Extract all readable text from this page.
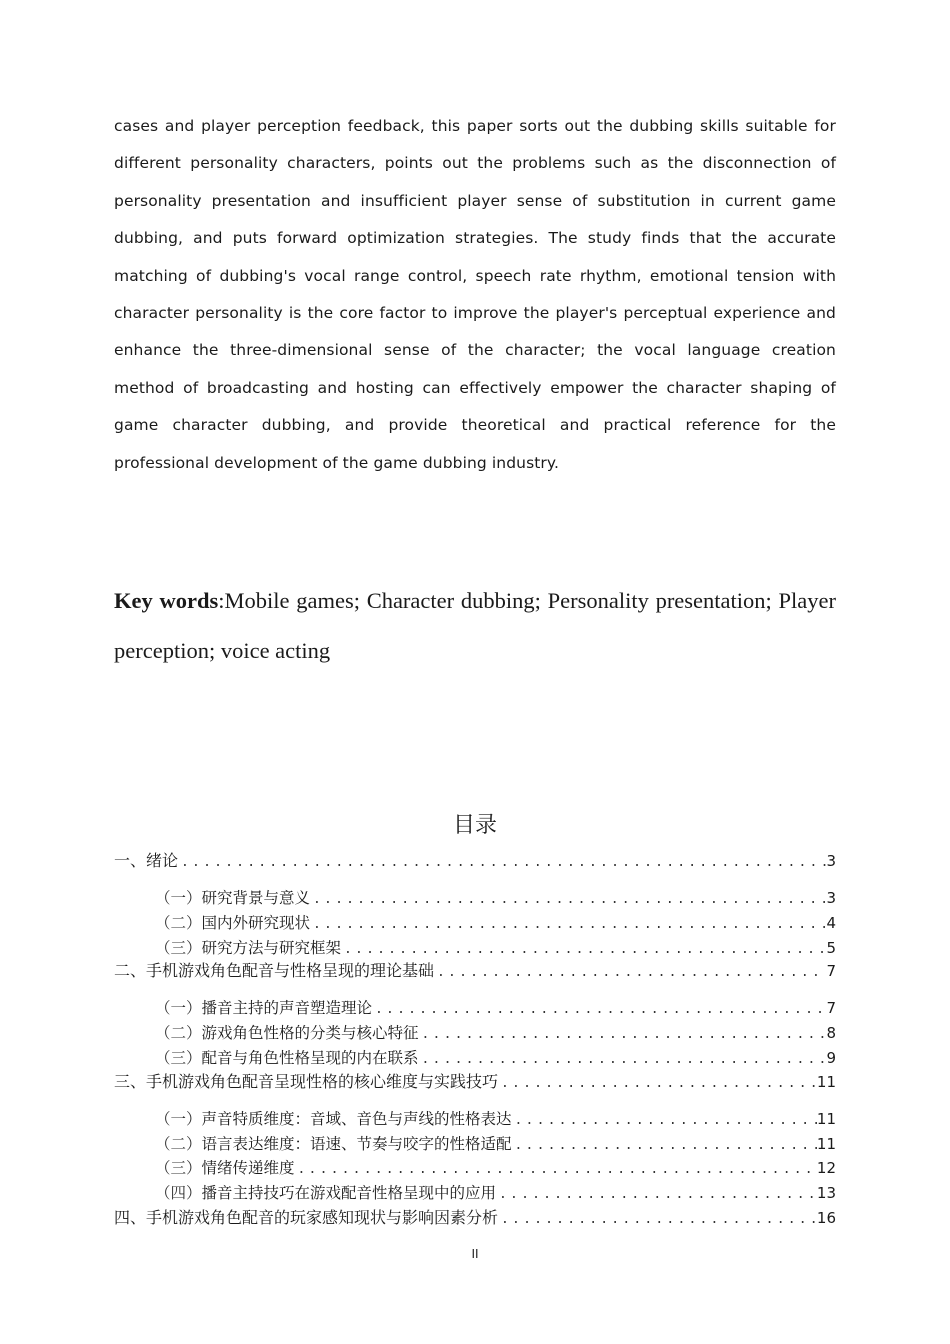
cases and player perception feedback, this paper sorts out the dubbing skills suitable for different personality characters, points out the problems such as the disconnection of personality presentation and insufficient player sense of substitution in current game dubbing, and puts forward optimization strategies. The study finds that the accurate matching of dubbing's vocal range control, speech rate rhythm, emotional tension with character personality is the core factor to improve the player's perceptual experience and enhance the three-dimensional sense of the character; the vocal language creation method of broadcasting and hosting can effectively empower the character shaping of game character dubbing, and provide theoretical and practical reference for the professional development of the game dubbing industry.
Key words:Mobile games; Character dubbing; Personality presentation; Player perception; voice acting
目录
一、 绪论 .....	3
（一） 研究背景与意义 .....	3
（二） 国内外研究现状 .....	4
（三） 研究方法与研究框架 .....	5
二、 手机游戏角色配音与性格呈现的理论基础 .....	7
（一） 播音主持的声音塑造理论 .....	7
（二） 游戏角色性格的分类与核心特征 .....	8
（三） 配音与角色性格呈现的内在联系 .....	9
三、 手机游戏角色配音呈现性格的核心维度与实践技巧 .....	11
（一） 声音特质维度：音域、音色与声线的性格表达 .....	11
（二） 语言表达维度：语速、节奏与咬字的性格适配 .....	11
（三） 情绪传递维度 .....	12
（四） 播音主持技巧在游戏配音性格呈现中的应用 .....	13
四、 手机游戏角色配音的玩家感知现状与影响因素分析 .....	16
II
